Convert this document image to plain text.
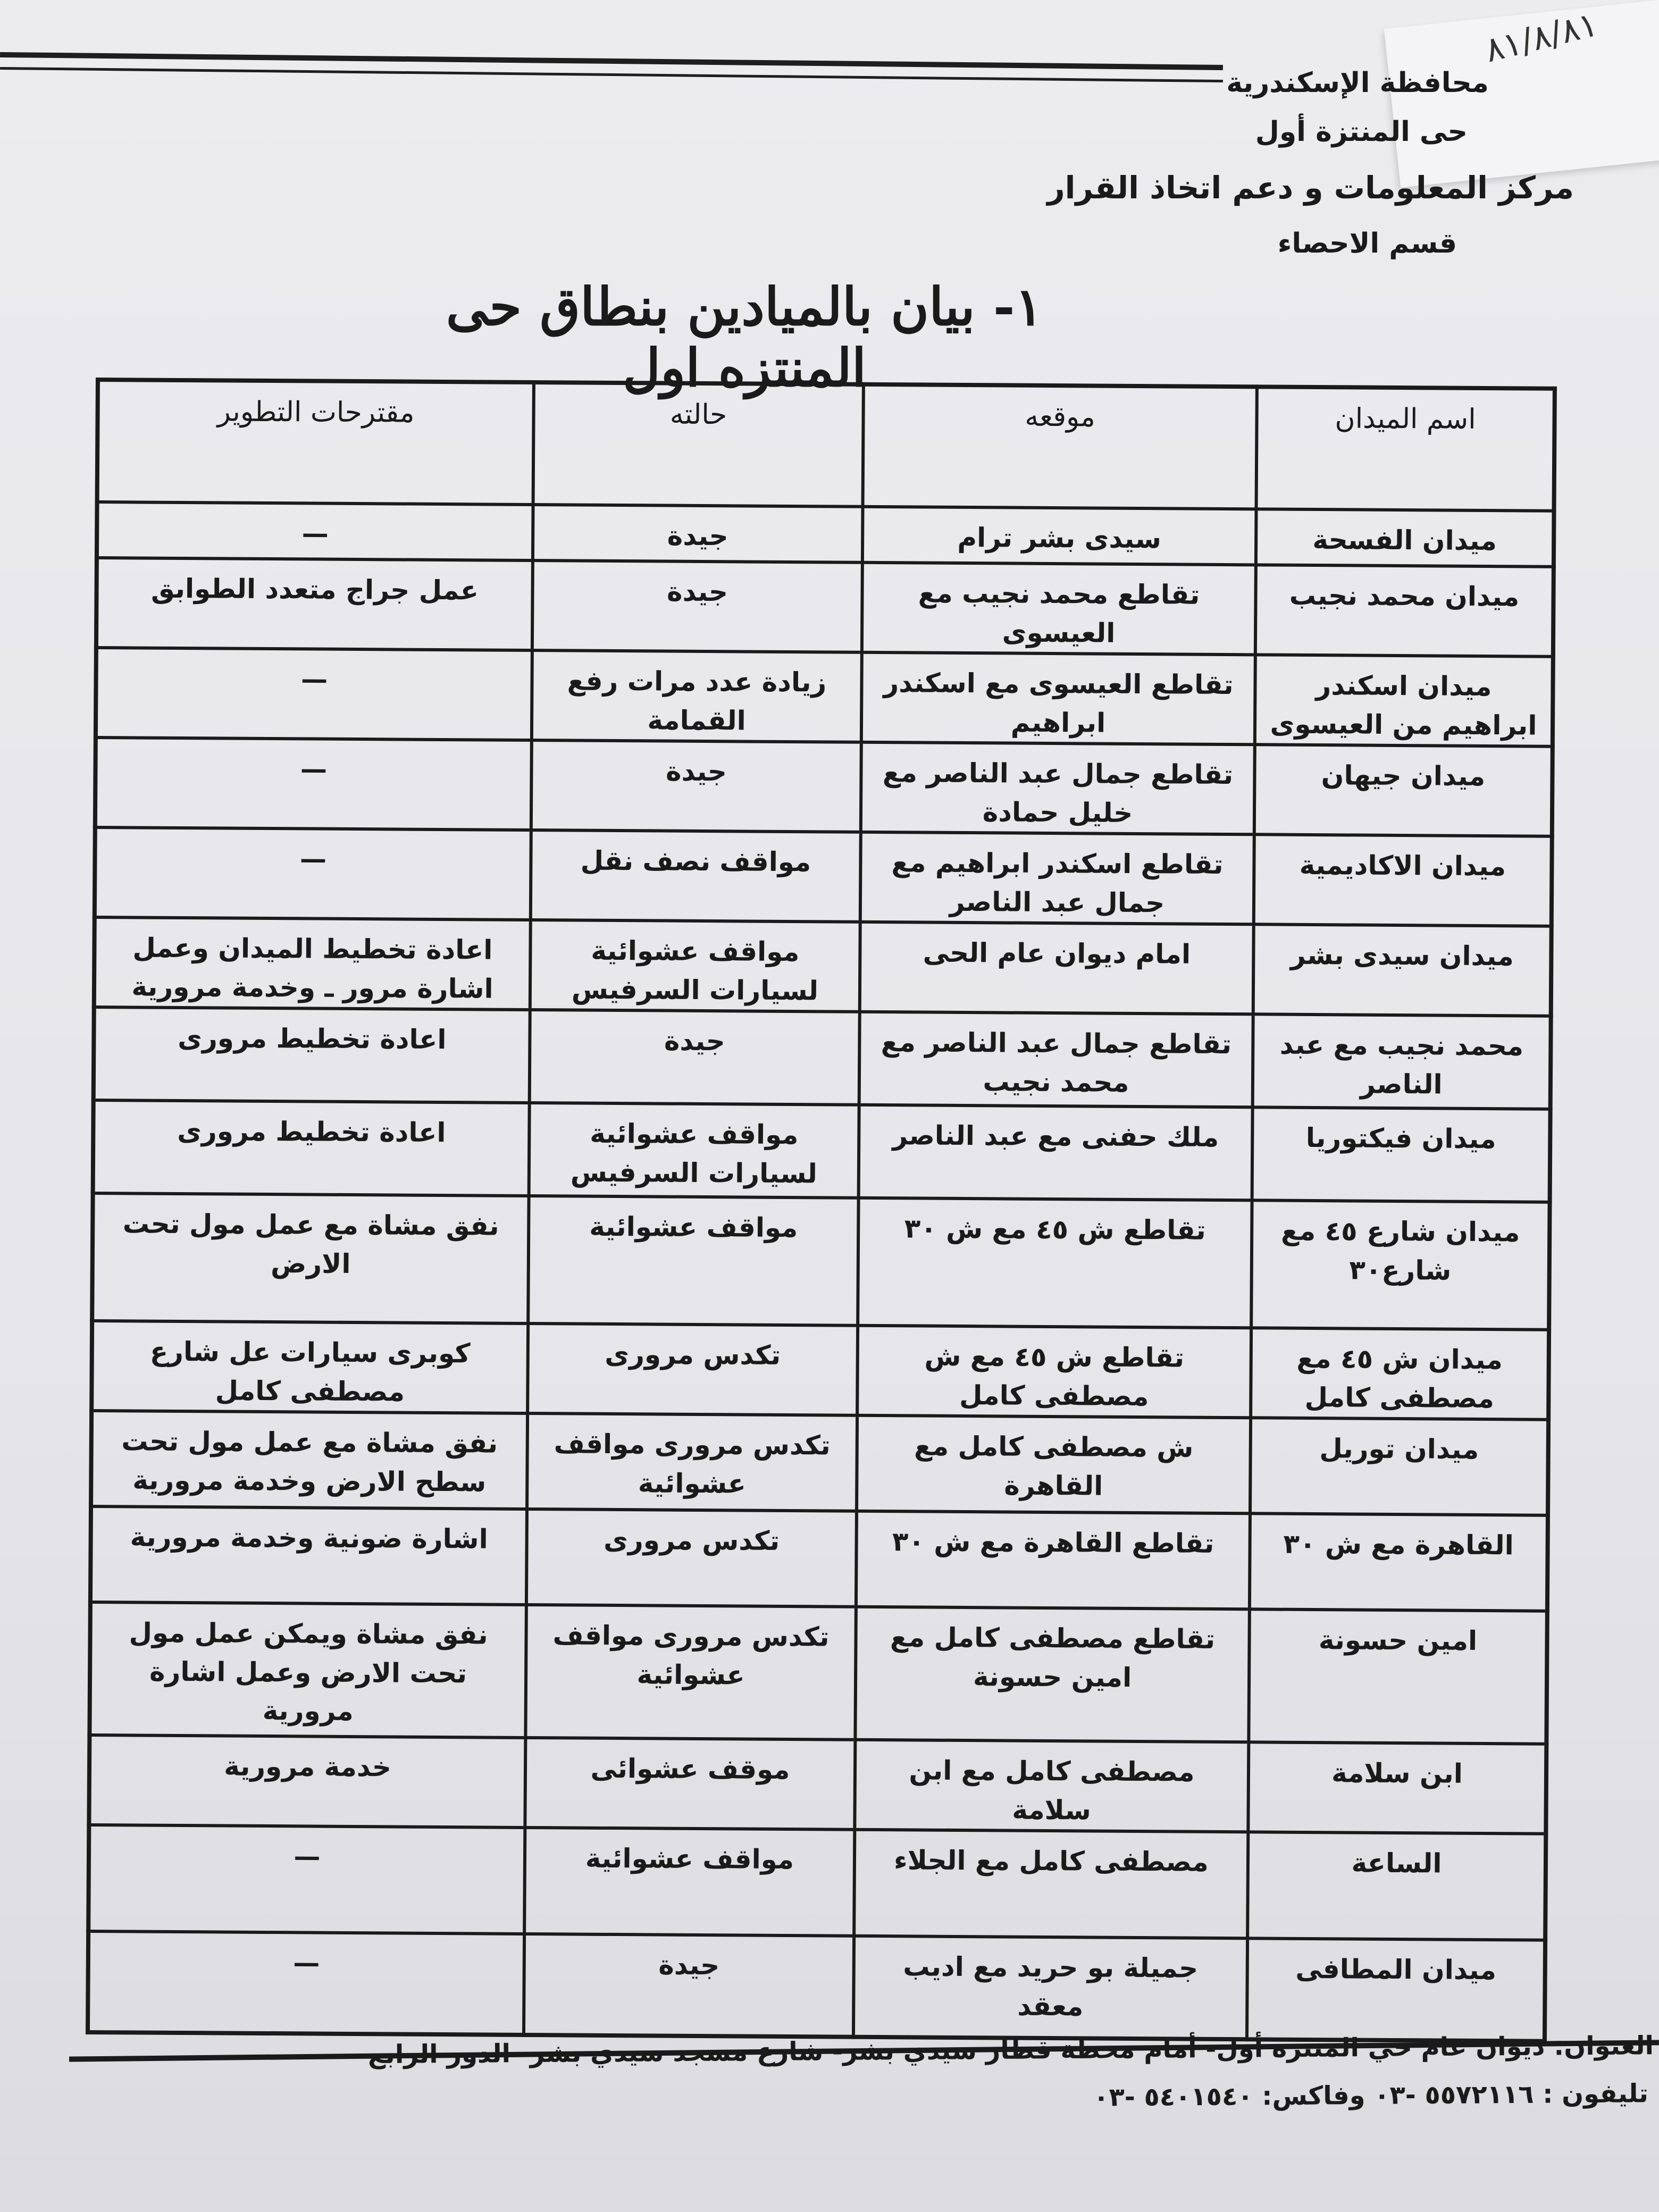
٨١/٨/٨١
محافظة الإسكندرية
حى المنتزة أول
مركز المعلومات و دعم اتخاذ القرار
قسم الاحصاء
١- بيان بالميادين بنطاق حى المنتزه اول
اسم الميدان	موقعه	حالته	مقترحات التطوير
ميدان الفسحة	سيدى بشر ترام	جيدة	—
ميدان محمد نجيب	تقاطع محمد نجيب مع العيسوى	جيدة	عمل جراج متعدد الطوابق
ميدان اسكندر ابراهيم من العيسوى	تقاطع العيسوى مع اسكندر ابراهيم	زيادة عدد مرات رفع القمامة	—
ميدان جيهان	تقاطع جمال عبد الناصر مع خليل حمادة	جيدة	—
ميدان الاكاديمية	تقاطع اسكندر ابراهيم مع جمال عبد الناصر	مواقف نصف نقل	—
ميدان سيدى بشر	امام ديوان عام الحى	مواقف عشوائية لسيارات السرفيس	اعادة تخطيط الميدان وعمل اشارة مرور ـ وخدمة مرورية
محمد نجيب مع عبد الناصر	تقاطع جمال عبد الناصر مع محمد نجيب	جيدة	اعادة تخطيط مرورى
ميدان فيكتوريا	ملك حفنى مع عبد الناصر	مواقف عشوائية لسيارات السرفيس	اعادة تخطيط مرورى
ميدان شارع ٤٥ مع شارع٣٠	تقاطع ش ٤٥ مع ش ٣٠	مواقف عشوائية	نفق مشاة مع عمل مول تحت الارض
ميدان ش ٤٥ مع مصطفى كامل	تقاطع ش ٤٥ مع ش مصطفى كامل	تكدس مرورى	كوبرى سيارات عل شارع مصطفى كامل
ميدان توريل	ش مصطفى كامل مع القاهرة	تكدس مرورى مواقف عشوائية	نفق مشاة مع عمل مول تحت سطح الارض وخدمة مرورية
القاهرة مع ش ٣٠	تقاطع القاهرة مع ش ٣٠	تكدس مرورى	اشارة ضونية وخدمة مرورية
امين حسونة	تقاطع مصطفى كامل مع امين حسونة	تكدس مرورى مواقف عشوائية	نفق مشاة ويمكن عمل مول تحت الارض وعمل اشارة مرورية
ابن سلامة	مصطفى كامل مع ابن سلامة	موقف عشوائى	خدمة مرورية
الساعة	مصطفى كامل مع الجلاء	مواقف عشوائية	—
ميدان المطافى	جميلة بو حريد مع اديب معقد	جيدة	—
العنوان: ديوان عام حي المنتزه أول- أمام محطة قطار سيدي بشر- شارع مسجد سيدي بشر- الدور الرابع
تليفون : ٥٥٧٢١١٦ -٠٣ وفاكس: ٥٤٠١٥٤٠ -٠٣
